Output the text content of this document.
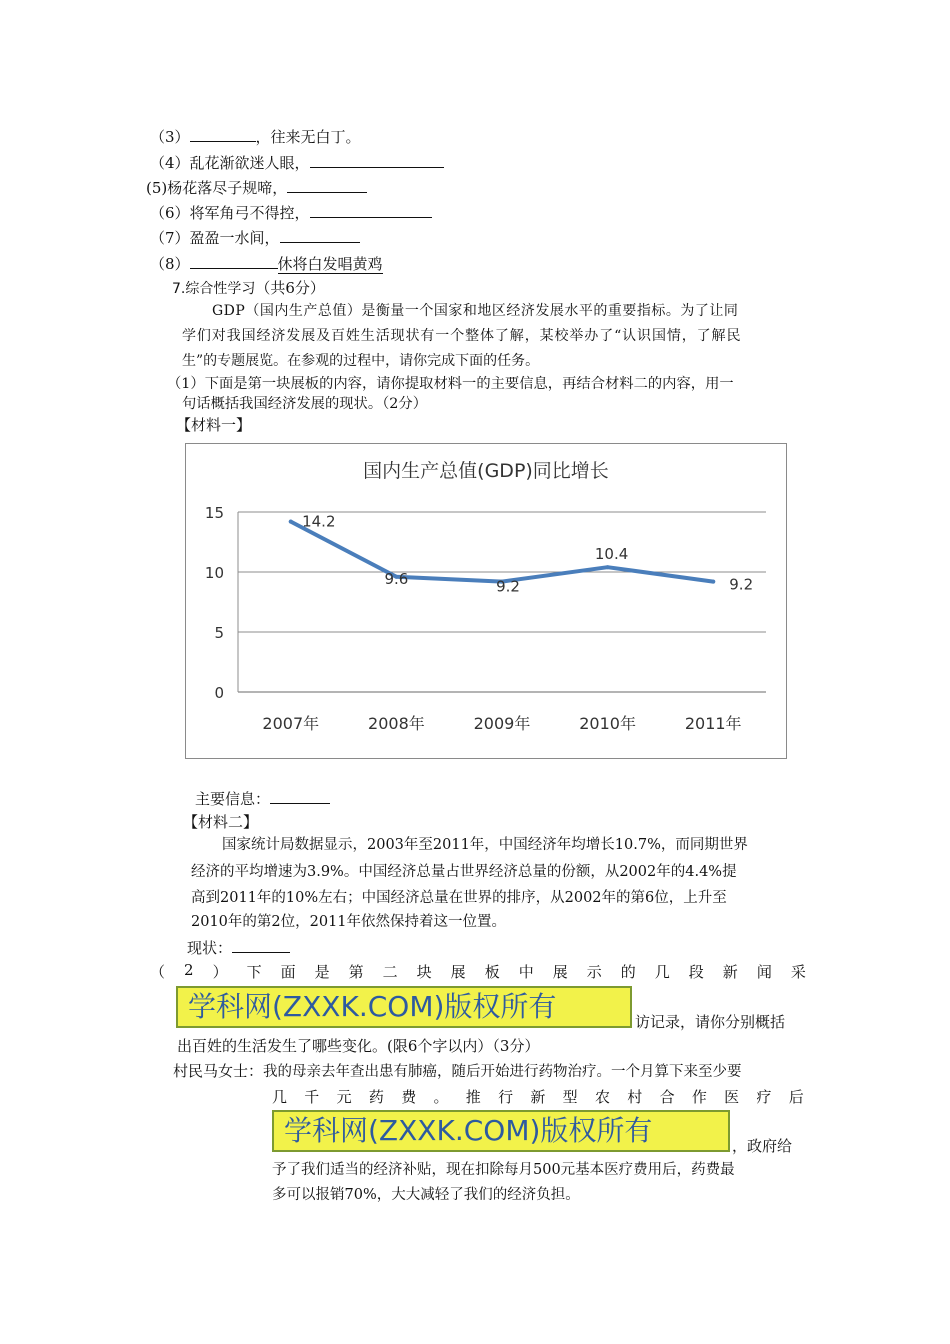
（3）	，往来无白丁。
（4）乱花渐欲迷人眼，
(5)杨花落尽子规啼，
（6）将军角弓不得控，
（7）盈盈一水间，
（8）	休将白发唱黄鸡
7.综合性学习（共6分）
GDP（国内生产总值）是衡量一个国家和地区经济发展水平的重要指标。为了让同
学们对我国经济发展及百姓生活现状有一个整体了解，某校举办了“认识国情，了解民
生”的专题展览。在参观的过程中，请你完成下面的任务。
（1）下面是第一块展板的内容，请你提取材料一的主要信息，再结合材料二的内容，用一
句话概括我国经济发展的现状。（2分）
【材料一】
国内生产总值(GDP)同比增长
0
5
10
15
2007年	2008年	2009年	2010年	2011年
14.2
9.6	9.2
10.4
9.2
主要信息：
【材料二】
国家统计局数据显示，2003年至2011年，中国经济年均增长10.7%，而同期世界
经济的平均增速为3.9%。中国经济总量占世界经济总量的份额，从2002年的4.4%提
高到2011年的10%左右；中国经济总量在世界的排序，从2002年的第6位，上升至
2010年的第2位，2011年依然保持着这一位置。
现状：
（ 2 ） 下 面 是 第 二 块 展 板 中 展 示 的 几 段 新 闻 采
学科网(ZXXK.COM)版权所有	访记录，请你分别概括
出百姓的生活发生了哪些变化。(限6个字以内）（3分）
村民马女士：我的母亲去年查出患有肺癌，随后开始进行药物治疗。一个月算下来至少要
几 千 元 药 费 。 推 行 新 型 农 村 合 作 医 疗 后
学科网(ZXXK.COM)版权所有	，政府给
予了我们适当的经济补贴，现在扣除每月500元基本医疗费用后，药费最
多可以报销70%，大大减轻了我们的经济负担。
